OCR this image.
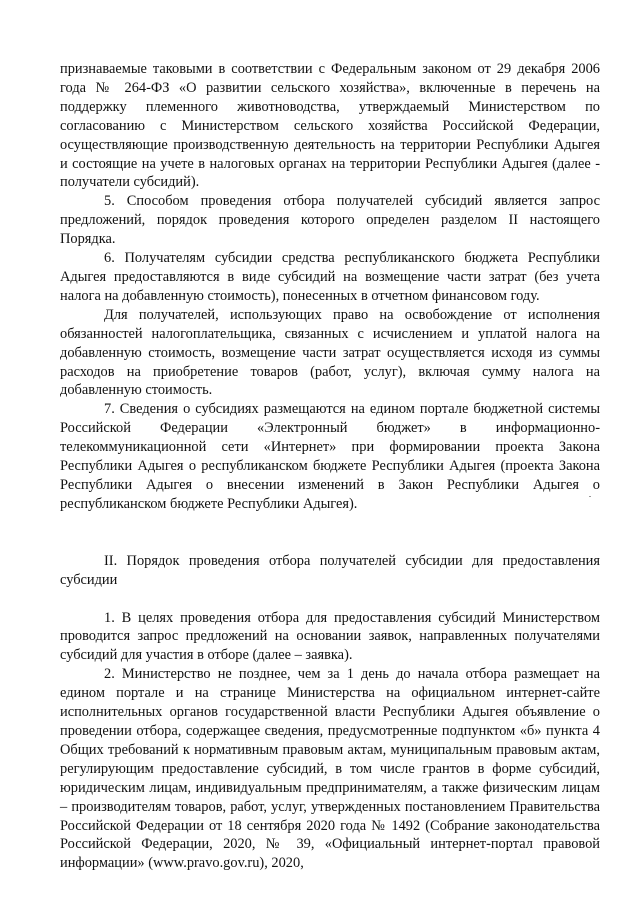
признаваемые таковыми в соответствии с Федеральным законом от 29 декабря 2006 года № 264-ФЗ «О развитии сельского хозяйства», включенные в перечень на поддержку племенного животноводства, утверждаемый Министерством по согласованию с Министерством сельского хозяйства Российской Федерации, осуществляющие производственную деятельность на территории Республики Адыгея и состоящие на учете в налоговых органах на территории Республики Адыгея (далее - получатели субсидий).

5. Способом проведения отбора получателей субсидий является запрос предложений, порядок проведения которого определен разделом II настоящего Порядка.

6. Получателям субсидии средства республиканского бюджета Республики Адыгея предоставляются в виде субсидий на возмещение части затрат (без учета налога на добавленную стоимость), понесенных в отчетном финансовом году.

Для получателей, использующих право на освобождение от исполнения обязанностей налогоплательщика, связанных с исчислением и уплатой налога на добавленную стоимость, возмещение части затрат осуществляется исходя из суммы расходов на приобретение товаров (работ, услуг), включая сумму налога на добавленную стоимость.

7. Сведения о субсидиях размещаются на едином портале бюджетной системы Российской Федерации «Электронный бюджет» в информационно-телекоммуникационной сети «Интернет» при формировании проекта Закона Республики Адыгея о республиканском бюджете Республики Адыгея (проекта Закона Республики Адыгея о внесении изменений в Закон Республики Адыгея о республиканском бюджете Республики Адыгея).

II. Порядок проведения отбора получателей субсидии для предоставления субсидии

1. В целях проведения отбора для предоставления субсидий Министерством проводится запрос предложений на основании заявок, направленных получателями субсидий для участия в отборе (далее – заявка).

2. Министерство не позднее, чем за 1 день до начала отбора размещает на едином портале и на странице Министерства на официальном интернет-сайте исполнительных органов государственной власти Республики Адыгея объявление о проведении отбора, содержащее сведения, предусмотренные подпунктом «б» пункта 4 Общих требований к нормативным правовым актам, муниципальным правовым актам, регулирующим предоставление субсидий, в том числе грантов в форме субсидий, юридическим лицам, индивидуальным предпринимателям, а также физическим лицам – производителям товаров, работ, услуг, утвержденных постановлением Правительства Российской Федерации от 18 сентября 2020 года № 1492 (Собрание законодательства Российской Федерации, 2020, № 39, «Официальный интернет-портал правовой информации» (www.pravo.gov.ru), 2020,
